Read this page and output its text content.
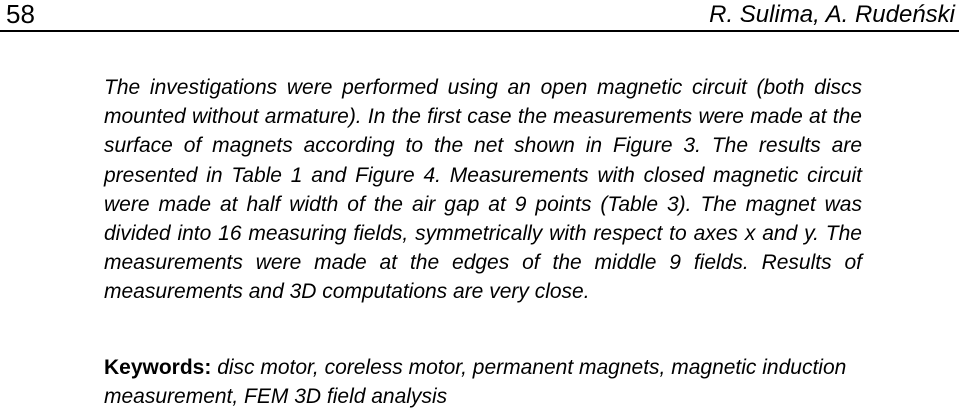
58	R. Sulima, A. Rudeński

The investigations were performed using an open magnetic circuit (both discs mounted without armature). In the first case the measurements were made at the surface of magnets according to the net shown in Figure 3. The results are presented in Table 1 and Figure 4. Measurements with closed magnetic circuit were made at half width of the air gap at 9 points (Table 3). The magnet was divided into 16 measuring fields, symmetrically with respect to axes x and y. The measurements were made at the edges of the middle 9 fields. Results of measurements and 3D computations are very close.

Keywords: disc motor, coreless motor, permanent magnets, magnetic induction measurement, FEM 3D field analysis
